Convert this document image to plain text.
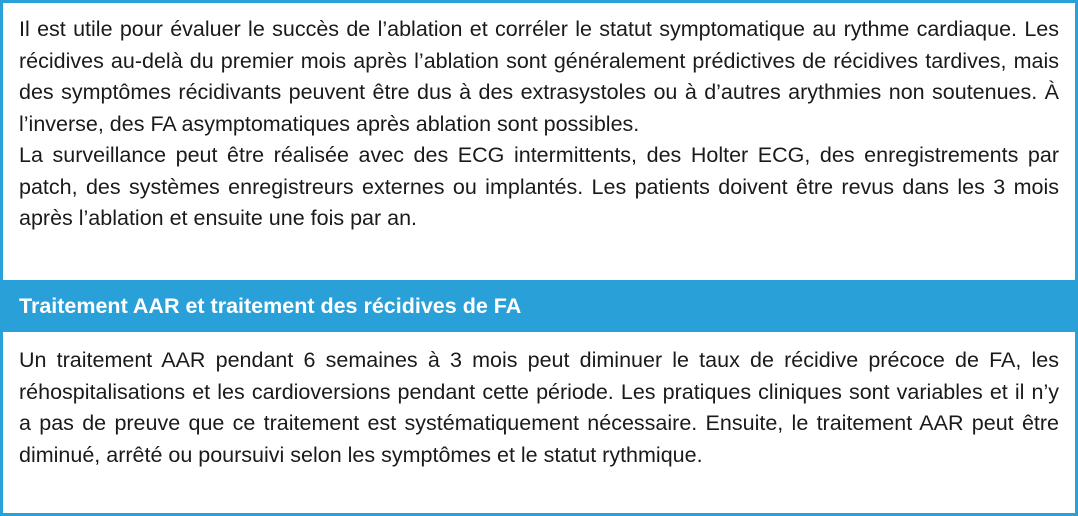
Il est utile pour évaluer le succès de l’ablation et corréler le statut symptomatique au rythme cardiaque. Les récidives au-delà du premier mois après l’ablation sont généralement prédictives de récidives tardives, mais des symptômes récidivants peuvent être dus à des extrasystoles ou à d’autres arythmies non soutenues. À l’inverse, des FA asymptomatiques après ablation sont possibles.

La surveillance peut être réalisée avec des ECG intermittents, des Holter ECG, des enregistrements par patch, des systèmes enregistreurs externes ou implantés. Les patients doivent être revus dans les 3 mois après l’ablation et ensuite une fois par an.

Traitement AAR et traitement des récidives de FA

Un traitement AAR pendant 6 semaines à 3 mois peut diminuer le taux de récidive précoce de FA, les réhospitalisations et les cardioversions pendant cette période. Les pratiques cliniques sont variables et il n’y a pas de preuve que ce traitement est systématiquement nécessaire. Ensuite, le traitement AAR peut être diminué, arrêté ou poursuivi selon les symptômes et le statut rythmique.
